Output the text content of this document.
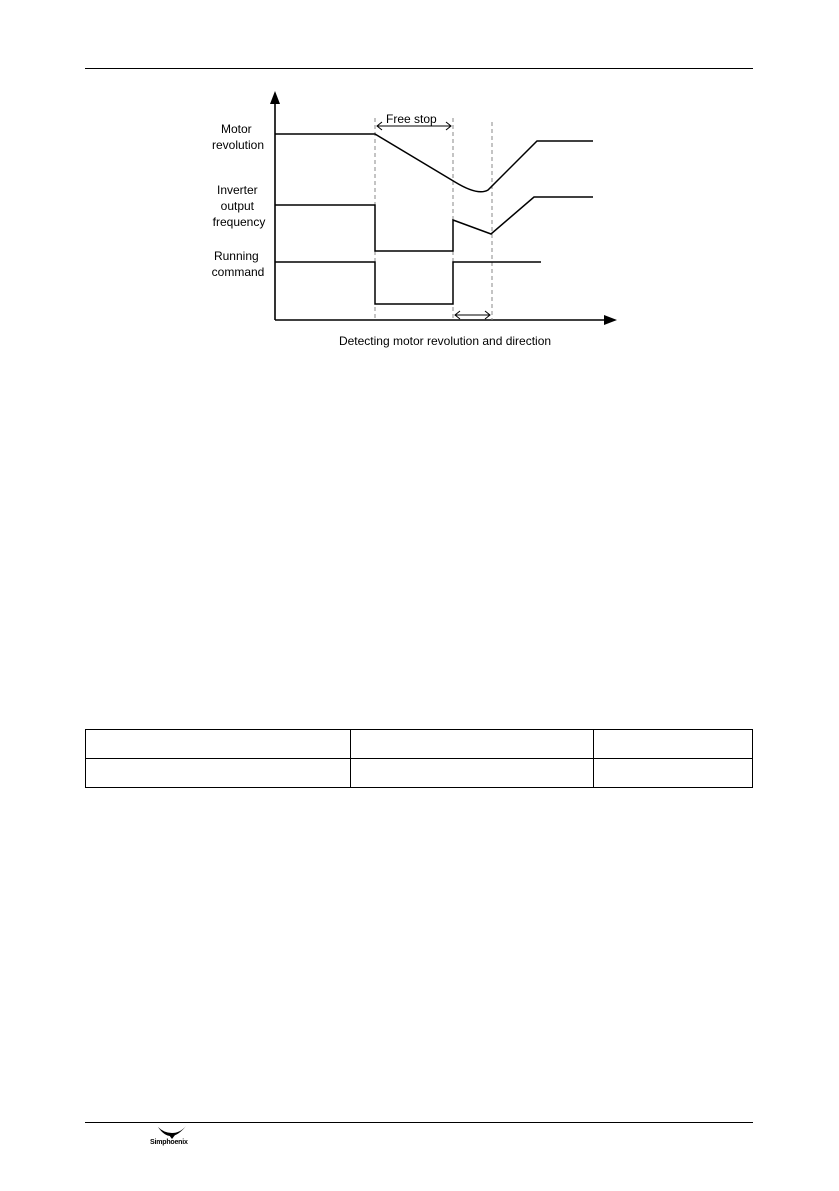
Free stop
Motor revolution
Inverter output frequency
Running command
Detecting motor revolution and direction

Simphoenix
